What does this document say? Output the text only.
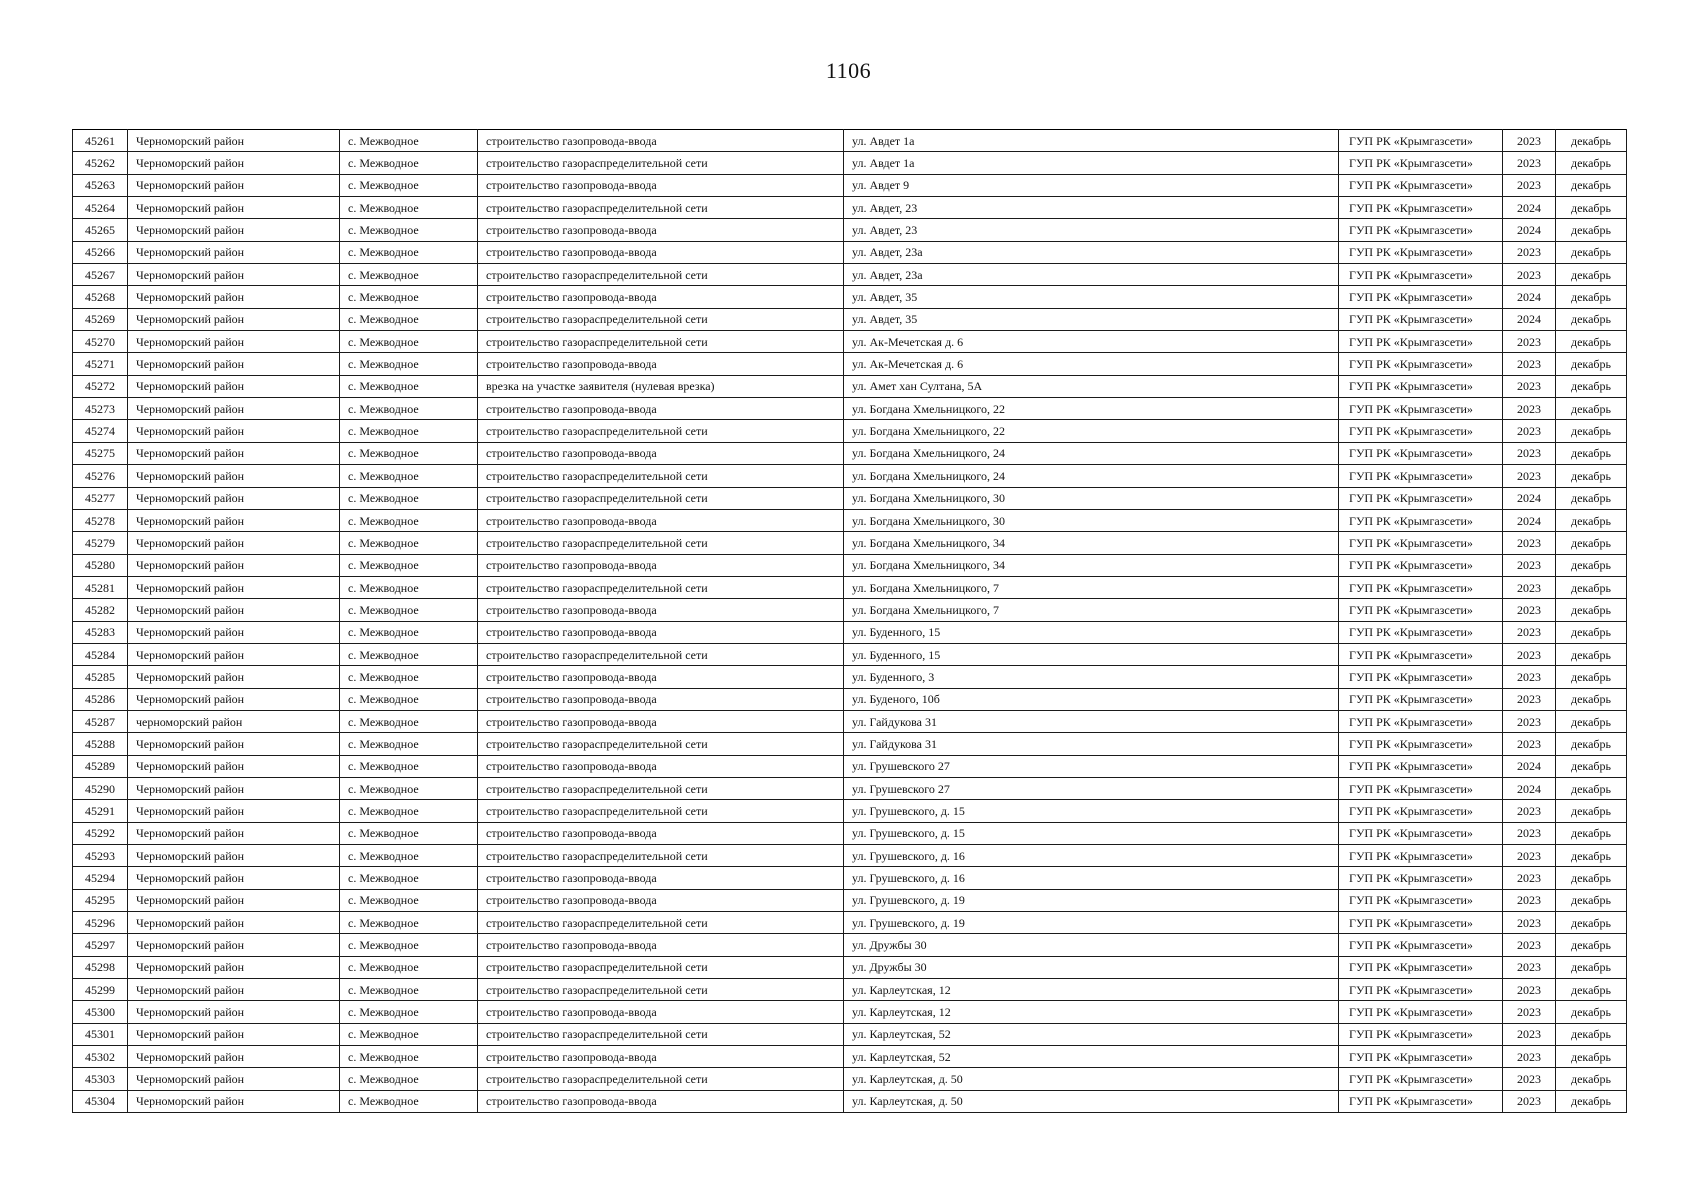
1106
45261	Черноморский район	с. Межводное	строительство газопровода-ввода	ул. Авдет 1а	ГУП РК «Крымгазсети»	2023	декабрь
45262	Черноморский район	с. Межводное	строительство газораспределительной сети	ул. Авдет 1а	ГУП РК «Крымгазсети»	2023	декабрь
45263	Черноморский район	с. Межводное	строительство газопровода-ввода	ул. Авдет 9	ГУП РК «Крымгазсети»	2023	декабрь
45264	Черноморский район	с. Межводное	строительство газораспределительной сети	ул. Авдет, 23	ГУП РК «Крымгазсети»	2024	декабрь
45265	Черноморский район	с. Межводное	строительство газопровода-ввода	ул. Авдет, 23	ГУП РК «Крымгазсети»	2024	декабрь
45266	Черноморский район	с. Межводное	строительство газопровода-ввода	ул. Авдет, 23а	ГУП РК «Крымгазсети»	2023	декабрь
45267	Черноморский район	с. Межводное	строительство газораспределительной сети	ул. Авдет, 23а	ГУП РК «Крымгазсети»	2023	декабрь
45268	Черноморский район	с. Межводное	строительство газопровода-ввода	ул. Авдет, 35	ГУП РК «Крымгазсети»	2024	декабрь
45269	Черноморский район	с. Межводное	строительство газораспределительной сети	ул. Авдет, 35	ГУП РК «Крымгазсети»	2024	декабрь
45270	Черноморский район	с. Межводное	строительство газораспределительной сети	ул. Ак-Мечетская д. 6	ГУП РК «Крымгазсети»	2023	декабрь
45271	Черноморский район	с. Межводное	строительство газопровода-ввода	ул. Ак-Мечетская д. 6	ГУП РК «Крымгазсети»	2023	декабрь
45272	Черноморский район	с. Межводное	врезка на участке заявителя (нулевая врезка)	ул. Амет хан Султана, 5А	ГУП РК «Крымгазсети»	2023	декабрь
45273	Черноморский район	с. Межводное	строительство газопровода-ввода	ул. Богдана Хмельницкого, 22	ГУП РК «Крымгазсети»	2023	декабрь
45274	Черноморский район	с. Межводное	строительство газораспределительной сети	ул. Богдана Хмельницкого, 22	ГУП РК «Крымгазсети»	2023	декабрь
45275	Черноморский район	с. Межводное	строительство газопровода-ввода	ул. Богдана Хмельницкого, 24	ГУП РК «Крымгазсети»	2023	декабрь
45276	Черноморский район	с. Межводное	строительство газораспределительной сети	ул. Богдана Хмельницкого, 24	ГУП РК «Крымгазсети»	2023	декабрь
45277	Черноморский район	с. Межводное	строительство газораспределительной сети	ул. Богдана Хмельницкого, 30	ГУП РК «Крымгазсети»	2024	декабрь
45278	Черноморский район	с. Межводное	строительство газопровода-ввода	ул. Богдана Хмельницкого, 30	ГУП РК «Крымгазсети»	2024	декабрь
45279	Черноморский район	с. Межводное	строительство газораспределительной сети	ул. Богдана Хмельницкого, 34	ГУП РК «Крымгазсети»	2023	декабрь
45280	Черноморский район	с. Межводное	строительство газопровода-ввода	ул. Богдана Хмельницкого, 34	ГУП РК «Крымгазсети»	2023	декабрь
45281	Черноморский район	с. Межводное	строительство газораспределительной сети	ул. Богдана Хмельницкого, 7	ГУП РК «Крымгазсети»	2023	декабрь
45282	Черноморский район	с. Межводное	строительство газопровода-ввода	ул. Богдана Хмельницкого, 7	ГУП РК «Крымгазсети»	2023	декабрь
45283	Черноморский район	с. Межводное	строительство газопровода-ввода	ул. Буденного, 15	ГУП РК «Крымгазсети»	2023	декабрь
45284	Черноморский район	с. Межводное	строительство газораспределительной сети	ул. Буденного, 15	ГУП РК «Крымгазсети»	2023	декабрь
45285	Черноморский район	с. Межводное	строительство газопровода-ввода	ул. Буденного, 3	ГУП РК «Крымгазсети»	2023	декабрь
45286	Черноморский район	с. Межводное	строительство газопровода-ввода	ул. Буденого, 10б	ГУП РК «Крымгазсети»	2023	декабрь
45287	черноморский район	с. Межводное	строительство газопровода-ввода	ул. Гайдукова 31	ГУП РК «Крымгазсети»	2023	декабрь
45288	Черноморский район	с. Межводное	строительство газораспределительной сети	ул. Гайдукова 31	ГУП РК «Крымгазсети»	2023	декабрь
45289	Черноморский район	с. Межводное	строительство газопровода-ввода	ул. Грушевского 27	ГУП РК «Крымгазсети»	2024	декабрь
45290	Черноморский район	с. Межводное	строительство газораспределительной сети	ул. Грушевского 27	ГУП РК «Крымгазсети»	2024	декабрь
45291	Черноморский район	с. Межводное	строительство газораспределительной сети	ул. Грушевского, д. 15	ГУП РК «Крымгазсети»	2023	декабрь
45292	Черноморский район	с. Межводное	строительство газопровода-ввода	ул. Грушевского, д. 15	ГУП РК «Крымгазсети»	2023	декабрь
45293	Черноморский район	с. Межводное	строительство газораспределительной сети	ул. Грушевского, д. 16	ГУП РК «Крымгазсети»	2023	декабрь
45294	Черноморский район	с. Межводное	строительство газопровода-ввода	ул. Грушевского, д. 16	ГУП РК «Крымгазсети»	2023	декабрь
45295	Черноморский район	с. Межводное	строительство газопровода-ввода	ул. Грушевского, д. 19	ГУП РК «Крымгазсети»	2023	декабрь
45296	Черноморский район	с. Межводное	строительство газораспределительной сети	ул. Грушевского, д. 19	ГУП РК «Крымгазсети»	2023	декабрь
45297	Черноморский район	с. Межводное	строительство газопровода-ввода	ул. Дружбы 30	ГУП РК «Крымгазсети»	2023	декабрь
45298	Черноморский район	с. Межводное	строительство газораспределительной сети	ул. Дружбы 30	ГУП РК «Крымгазсети»	2023	декабрь
45299	Черноморский район	с. Межводное	строительство газораспределительной сети	ул. Карлеутская, 12	ГУП РК «Крымгазсети»	2023	декабрь
45300	Черноморский район	с. Межводное	строительство газопровода-ввода	ул. Карлеутская, 12	ГУП РК «Крымгазсети»	2023	декабрь
45301	Черноморский район	с. Межводное	строительство газораспределительной сети	ул. Карлеутская, 52	ГУП РК «Крымгазсети»	2023	декабрь
45302	Черноморский район	с. Межводное	строительство газопровода-ввода	ул. Карлеутская, 52	ГУП РК «Крымгазсети»	2023	декабрь
45303	Черноморский район	с. Межводное	строительство газораспределительной сети	ул. Карлеутская, д. 50	ГУП РК «Крымгазсети»	2023	декабрь
45304	Черноморский район	с. Межводное	строительство газопровода-ввода	ул. Карлеутская, д. 50	ГУП РК «Крымгазсети»	2023	декабрь
